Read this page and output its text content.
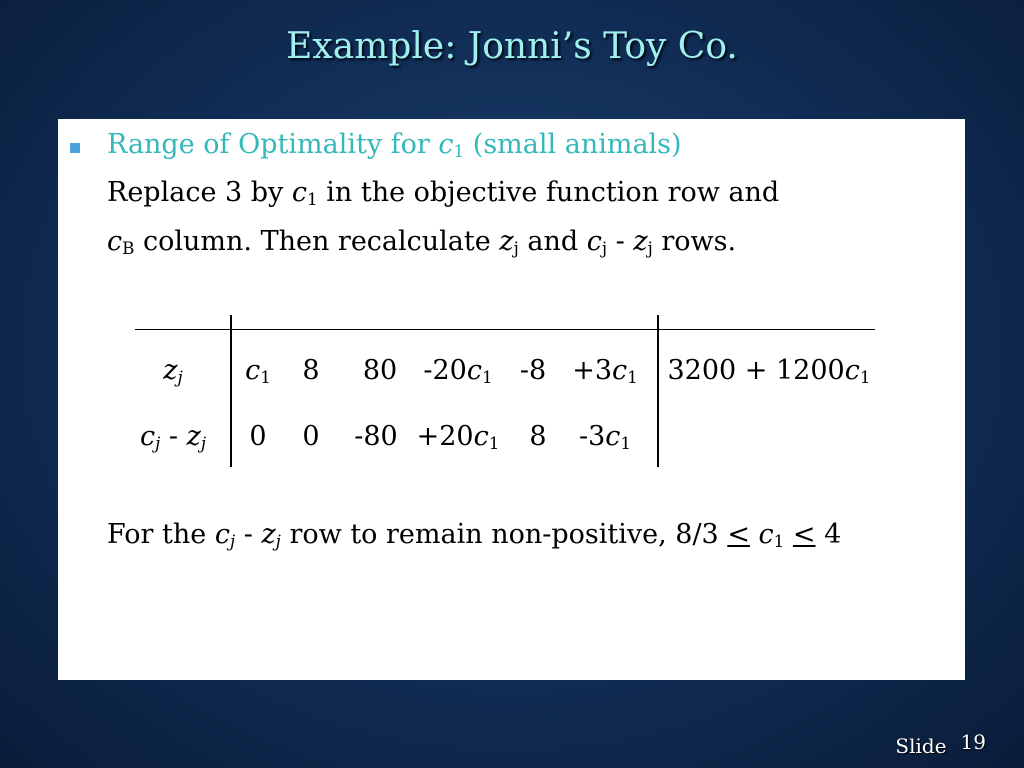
Example: Jonni’s Toy Co.
Range of Optimality for $c_1$ (small animals)
Replace 3 by $c_1$ in the objective function row and
$c_B$ column. Then recalculate $z_j$ and $c_j - z_j$ rows.
$z_j$ $c_1$ 8 80 $-20c_1$ $-8 +3c_1$ $3200 + 1200c_1$
$c_j - z_j$ 0 0 $-80 +20c_1$ 8 $-3c_1$
For the $c_j - z_j$ row to remain non-positive, $8/3 < c_1 < 4$
Slide 19
